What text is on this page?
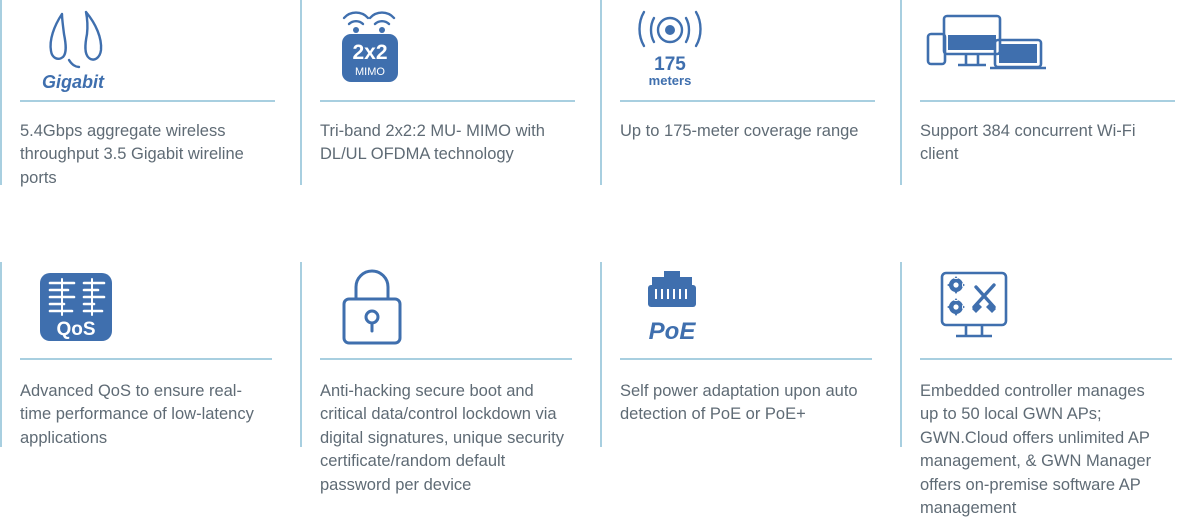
Gigabit
5.4Gbps aggregate wireless throughput 3.5 Gigabit wireline ports
2x2
MIMO
Tri-band 2x2:2 MU- MIMO with DL/UL OFDMA technology
175
meters
Up to 175-meter coverage range	Support 384 concurrent Wi-Fi client
QoS
Advanced QoS to ensure real-time performance of low-latency applications
Anti-hacking secure boot and critical data/control lockdown via digital signatures, unique security certificate/random default password per device
PoE
Self power adaptation upon auto detection of PoE or PoE+
Embedded controller manages up to 50 local GWN APs; GWN.Cloud offers unlimited AP management, & GWN Manager offers on-premise software AP management
